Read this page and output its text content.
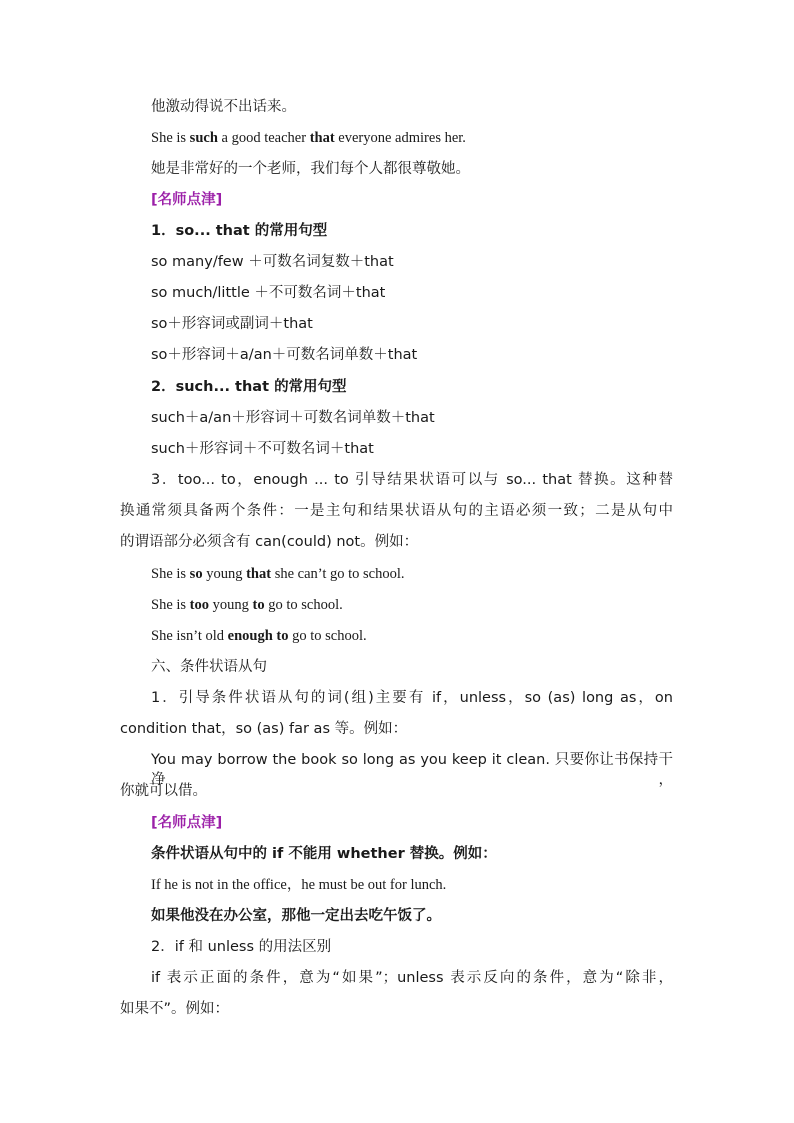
他激动得说不出话来。
She is such a good teacher that everyone admires her.
她是非常好的一个老师，我们每个人都很尊敬她。
[名师点津]
1．so... that 的常用句型
so many/few ＋可数名词复数＋that
so much/little ＋不可数名词＋that
so＋形容词或副词＋that
so＋形容词＋a/an＋可数名词单数＋that
2．such... that 的常用句型
such＋a/an＋形容词＋可数名词单数＋that
such＋形容词＋不可数名词＋that
3．too... to，enough ... to 引导结果状语可以与 so... that 替换。这种替
换通常须具备两个条件：一是主句和结果状语从句的主语必须一致；二是从句中
的谓语部分必须含有 can(could) not。例如：
She is so young that she can’t go to school.
She is too young to go to school.
She isn’t old enough to go to school.
六、条件状语从句
1．引导条件状语从句的词(组)主要有 if，unless，so (as) long as，on
condition that，so (as) far as 等。例如：
You may borrow the book so long as you keep it clean. 只要你让书保持干净，
你就可以借。
[名师点津]
条件状语从句中的 if 不能用 whether 替换。例如：
If he is not in the office，he must be out for lunch.
如果他没在办公室，那他一定出去吃午饭了。
2．if 和 unless 的用法区别
if 表示正面的条件，意为“如果”；unless 表示反向的条件，意为“除非，
如果不”。例如：
